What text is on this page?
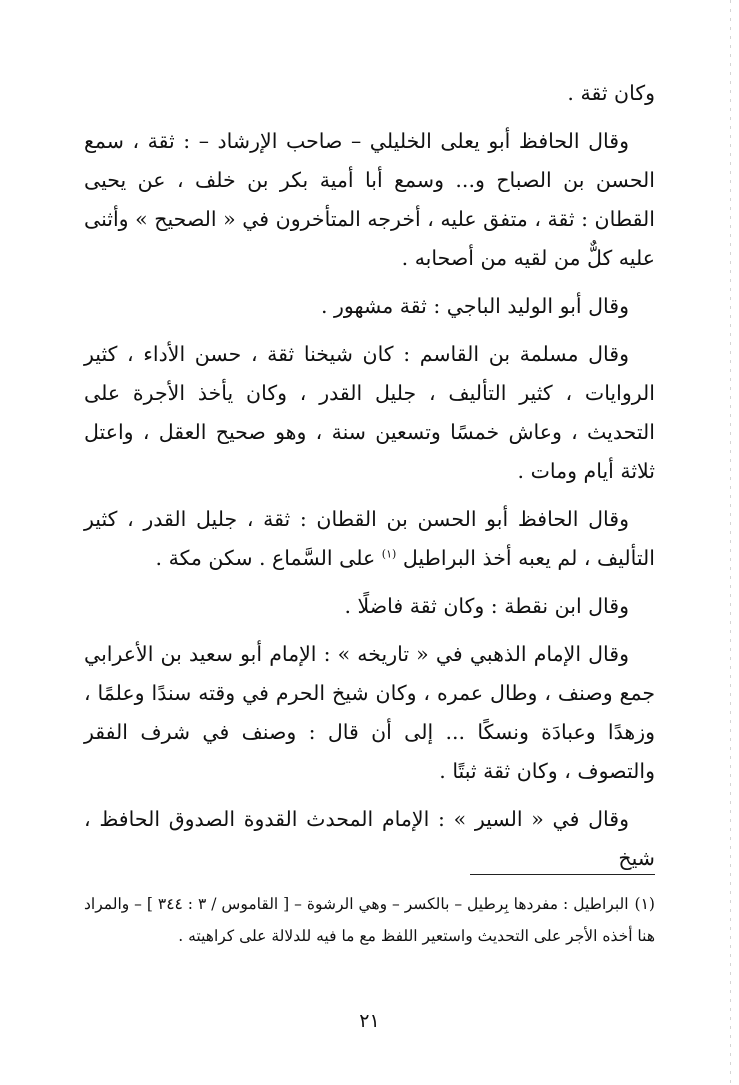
وكان ثقة .

وقال الحافظ أبو يعلى الخليلي – صاحب الإرشاد – : ثقة ، سمع الحسن بن الصباح و... وسمع أبا أمية بكر بن خلف ، عن يحيى القطان : ثقة ، متفق عليه ، أخرجه المتأخرون في « الصحيح » وأثنى عليه كلٌّ من لقيه من أصحابه .

وقال أبو الوليد الباجي : ثقة مشهور .

وقال مسلمة بن القاسم : كان شيخنا ثقة ، حسن الأداء ، كثير الروايات ، كثير التأليف ، جليل القدر ، وكان يأخذ الأجرة على التحديث ، وعاش خمسًا وتسعين سنة ، وهو صحيح العقل ، واعتل ثلاثة أيام ومات .

وقال الحافظ أبو الحسن بن القطان : ثقة ، جليل القدر ، كثير التأليف ، لم يعبه أخذ البراطيل $^{(١)}$ على السَّماع . سكن مكة .

وقال ابن نقطة : وكان ثقة فاضلًا .

وقال الإمام الذهبي في « تاريخه » : الإمام أبو سعيد بن الأعرابي جمع وصنف ، وطال عمره ، وكان شيخ الحرم في وقته سندًا وعلمًا ، وزهدًا وعبادَة ونسكًا ... إلى أن قال : وصنف في شرف الفقر والتصوف ، وكان ثقة ثبتًا .

وقال في « السير » : الإمام المحدث القدوة الصدوق الحافظ ، شيخ

(١)البراطيل : مفردها بِرطيل – بالكسر – وهي الرشوة – [ القاموس / ٣ : ٣٤٤ ] – والمراد هنا أخذه الأجر على التحديث واستعير اللفظ مع ما فيه للدلالة على كراهيته .
٢١
